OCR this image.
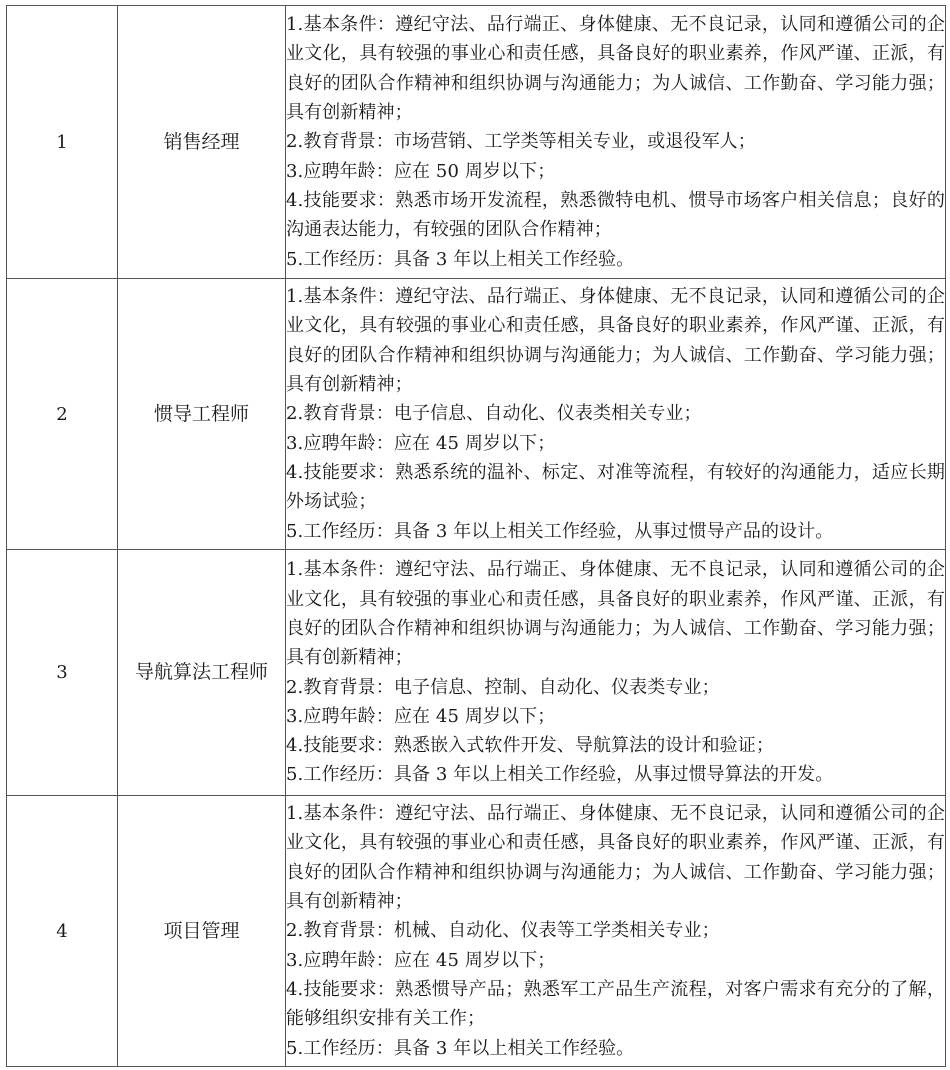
1	销售经理	1.基本条件：遵纪守法、品行端正、身体健康、无不良记录，认同和遵循公司的企业文化，具有较强的事业心和责任感，具备良好的职业素养，作风严谨、正派，有良好的团队合作精神和组织协调与沟通能力；为人诚信、工作勤奋、学习能力强；具有创新精神；
2.教育背景：市场营销、工学类等相关专业，或退役军人；
3.应聘年龄：应在 50 周岁以下；
4.技能要求：熟悉市场开发流程，熟悉微特电机、惯导市场客户相关信息；良好的沟通表达能力，有较强的团队合作精神；
5.工作经历：具备 3 年以上相关工作经验。

2	惯导工程师	1.基本条件：遵纪守法、品行端正、身体健康、无不良记录，认同和遵循公司的企业文化，具有较强的事业心和责任感，具备良好的职业素养，作风严谨、正派，有良好的团队合作精神和组织协调与沟通能力；为人诚信、工作勤奋、学习能力强；具有创新精神；
2.教育背景：电子信息、自动化、仪表类相关专业；
3.应聘年龄：应在 45 周岁以下；
4.技能要求：熟悉系统的温补、标定、对准等流程，有较好的沟通能力，适应长期外场试验；
5.工作经历：具备 3 年以上相关工作经验，从事过惯导产品的设计。

3	导航算法工程师	1.基本条件：遵纪守法、品行端正、身体健康、无不良记录，认同和遵循公司的企业文化，具有较强的事业心和责任感，具备良好的职业素养，作风严谨、正派，有良好的团队合作精神和组织协调与沟通能力；为人诚信、工作勤奋、学习能力强；具有创新精神；
2.教育背景：电子信息、控制、自动化、仪表类专业；
3.应聘年龄：应在 45 周岁以下；
4.技能要求：熟悉嵌入式软件开发、导航算法的设计和验证；
5.工作经历：具备 3 年以上相关工作经验，从事过惯导算法的开发。

4	项目管理	1.基本条件：遵纪守法、品行端正、身体健康、无不良记录，认同和遵循公司的企业文化，具有较强的事业心和责任感，具备良好的职业素养，作风严谨、正派，有良好的团队合作精神和组织协调与沟通能力；为人诚信、工作勤奋、学习能力强；具有创新精神；
2.教育背景：机械、自动化、仪表等工学类相关专业；
3.应聘年龄：应在 45 周岁以下；
4.技能要求：熟悉惯导产品；熟悉军工产品生产流程，对客户需求有充分的了解，能够组织安排有关工作；
5.工作经历：具备 3 年以上相关工作经验。
